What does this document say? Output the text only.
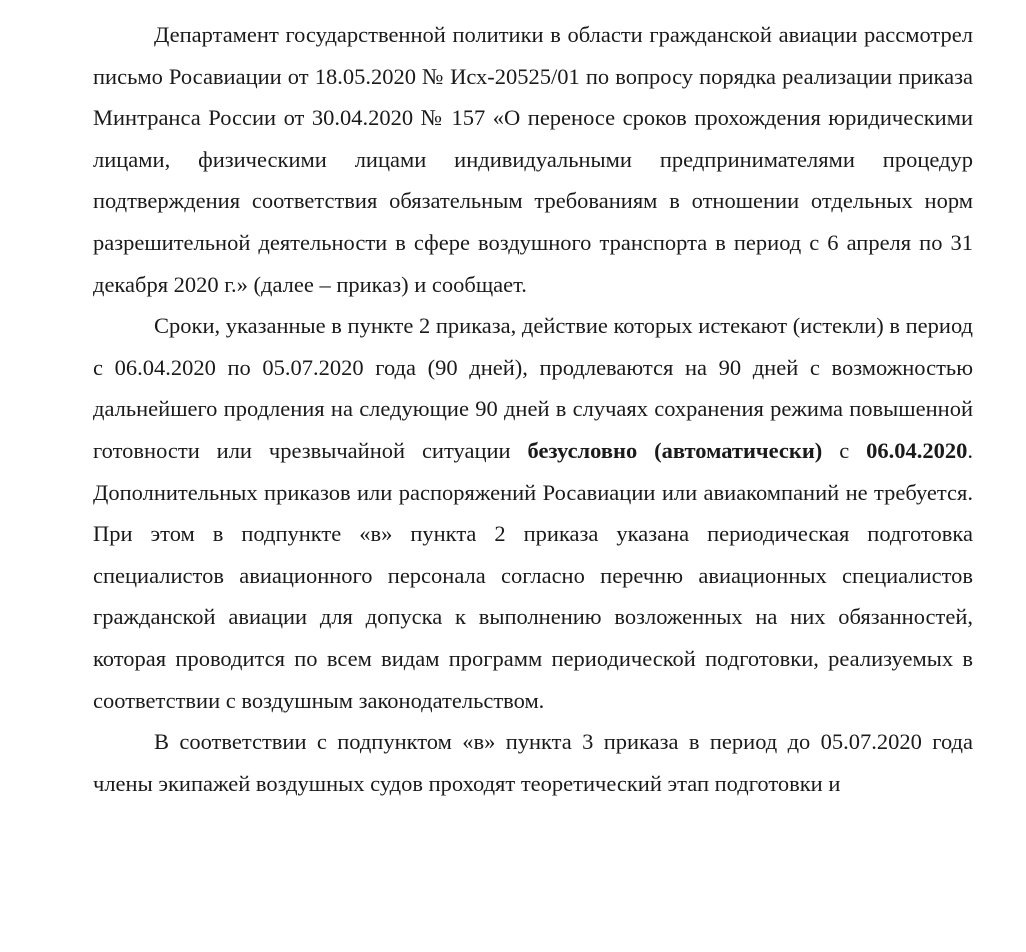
Департамент государственной политики в области гражданской авиации рассмотрел письмо Росавиации от 18.05.2020 № Исх-20525/01 по вопросу порядка реализации приказа Минтранса России от 30.04.2020 № 157 «О переносе сроков прохождения юридическими лицами, физическими лицами индивидуальными предпринимателями процедур подтверждения соответствия обязательным требованиям в отношении отдельных норм разрешительной деятельности в сфере воздушного транспорта в период с 6 апреля по 31 декабря 2020 г.» (далее – приказ) и сообщает.

Сроки, указанные в пункте 2 приказа, действие которых истекают (истекли) в период с 06.04.2020 по 05.07.2020 года (90 дней), продлеваются на 90 дней с возможностью дальнейшего продления на следующие 90 дней в случаях сохранения режима повышенной готовности или чрезвычайной ситуации безусловно (автоматически) с 06.04.2020. Дополнительных приказов или распоряжений Росавиации или авиакомпаний не требуется. При этом в подпункте «в» пункта 2 приказа указана периодическая подготовка специалистов авиационного персонала согласно перечню авиационных специалистов гражданской авиации для допуска к выполнению возложенных на них обязанностей, которая проводится по всем видам программ периодической подготовки, реализуемых в соответствии с воздушным законодательством.

В соответствии с подпунктом «в» пункта 3 приказа в период до 05.07.2020 года члены экипажей воздушных судов проходят теоретический этап подготовки и
